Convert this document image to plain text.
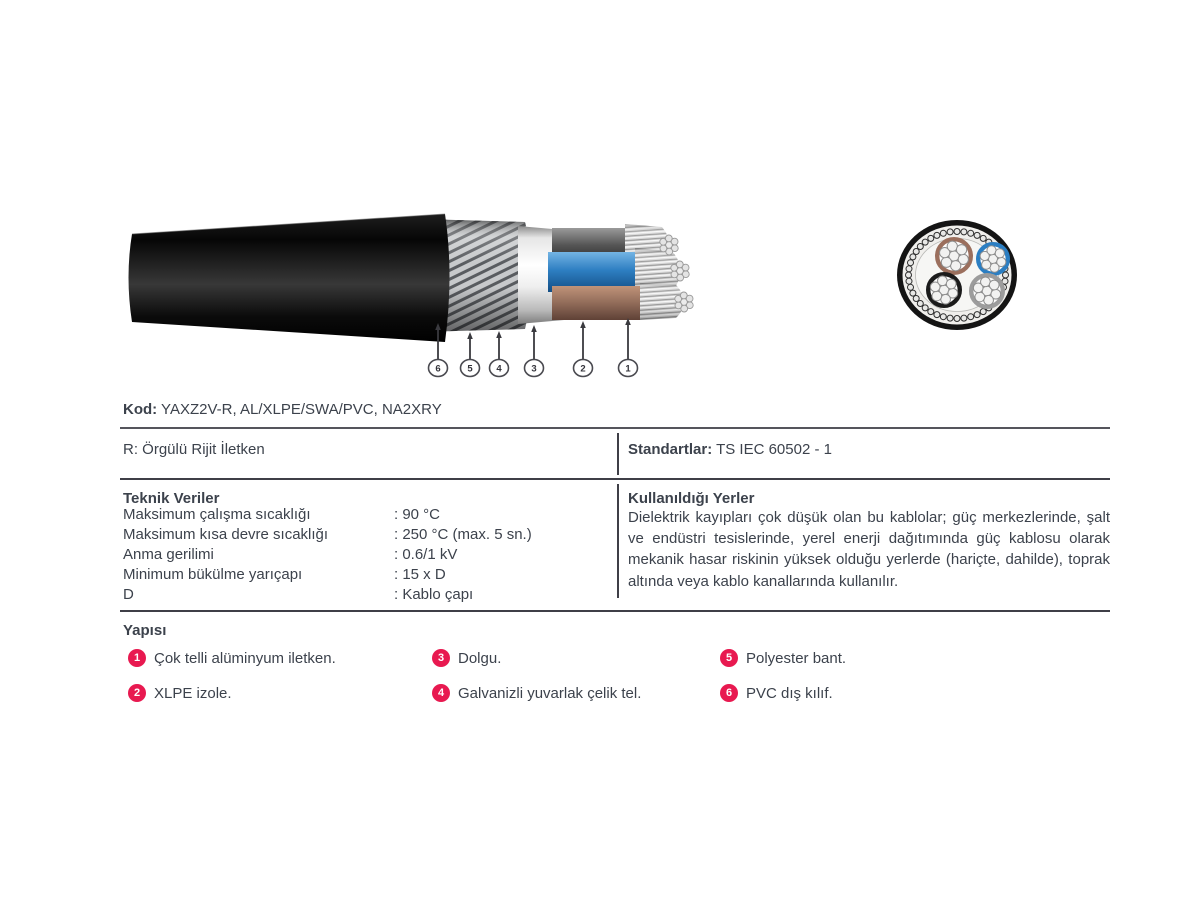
6	5 4	3	2	1
Kod: YAXZ2V-R, AL/XLPE/SWA/PVC, NA2XRY
R: Örgülü Rijit İletken	Standartlar: TS IEC 60502 - 1
Teknik Veriler
Maksimum çalışma sıcaklığı	: 90 °C
Maksimum kısa devre sıcaklığı	: 250 °C (max. 5 sn.)
Anma gerilimi	: 0.6/1 kV
Minimum bükülme yarıçapı	: 15 x D
D	: Kablo çapı
Kullanıldığı Yerler
Dielektrik kayıpları çok düşük olan bu kablolar; güç merkezlerinde, şalt ve endüstri tesislerinde, yerel enerji dağıtımında güç kablosu olarak mekanik hasar riskinin yüksek olduğu yerlerde (hariçte, dahilde), toprak altında veya kablo kanallarında kullanılır.
Yapısı
1 Çok telli alüminyum iletken.
2 XLPE izole.
3 Dolgu.
4 Galvanizli yuvarlak çelik tel.
5 Polyester bant.
6 PVC dış kılıf.
